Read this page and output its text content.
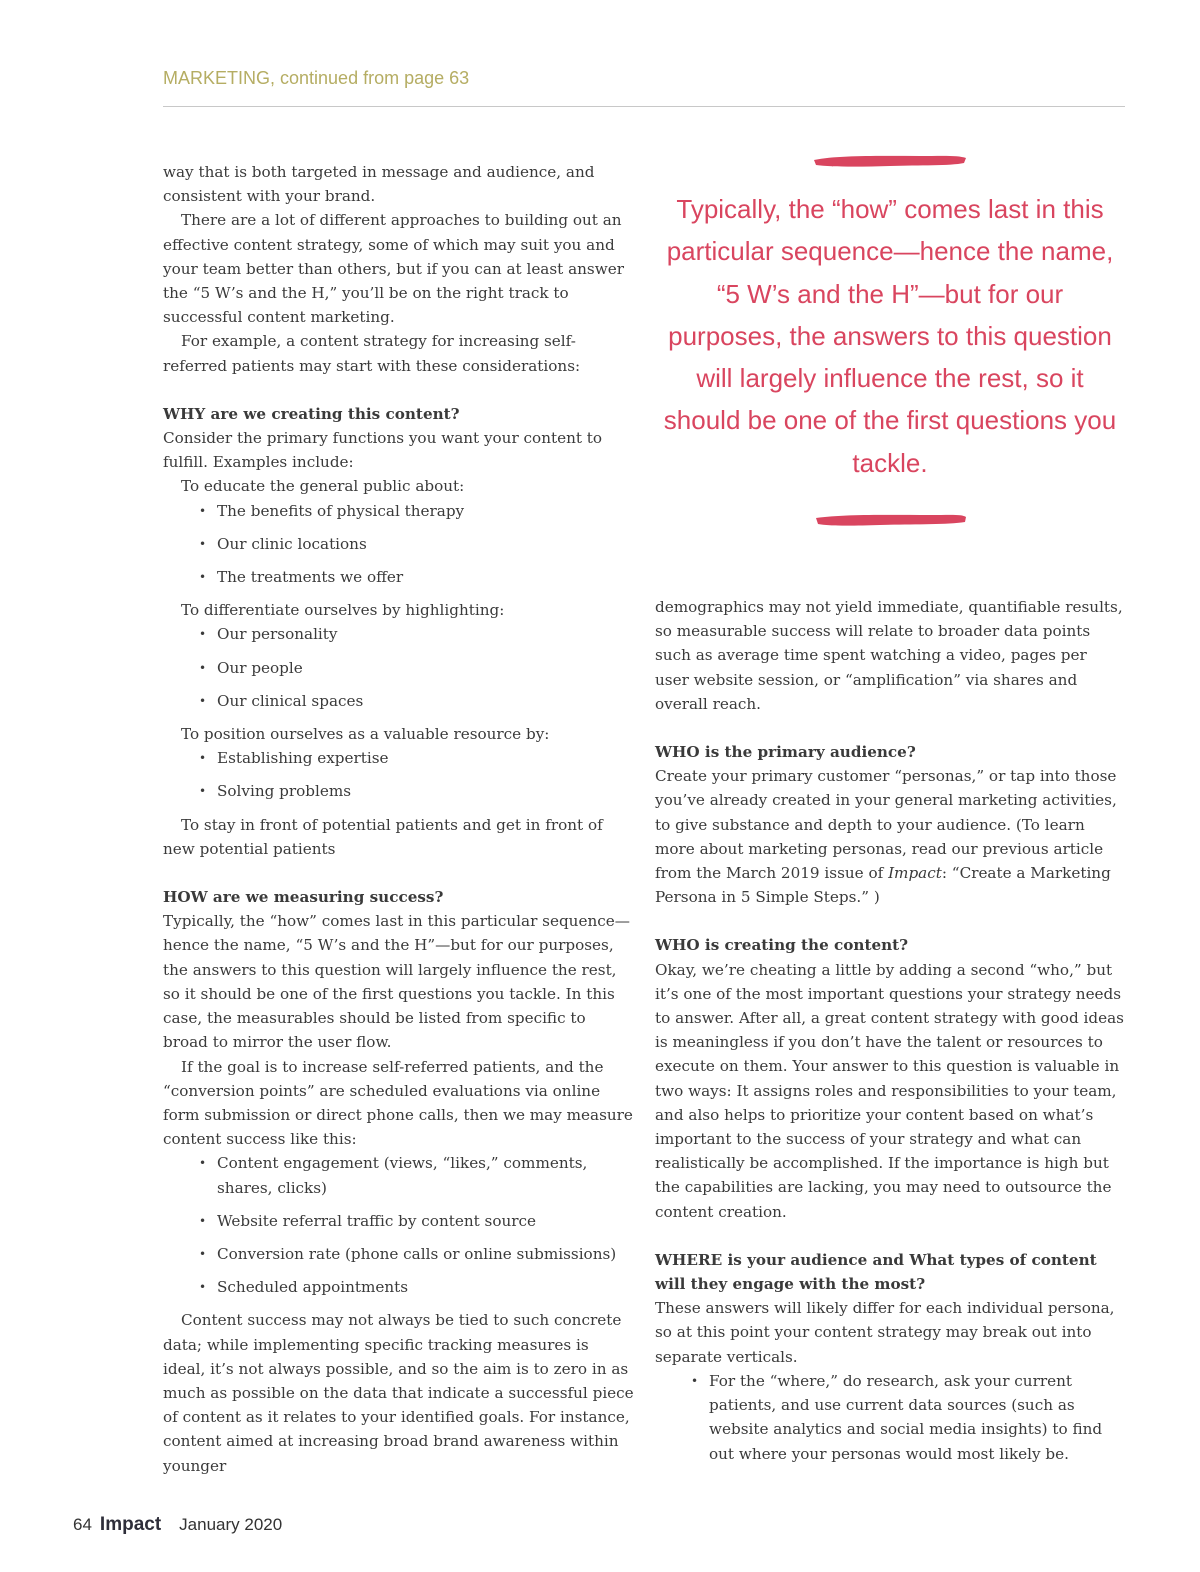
MARKETING, continued from page 63

way that is both targeted in message and audience, and consistent with your brand.

There are a lot of different approaches to building out an effective content strategy, some of which may suit you and your team better than others, but if you can at least answer the “5 W’s and the H,” you’ll be on the right track to successful content marketing.

For example, a content strategy for increasing self-referred patients may start with these considerations:

WHY are we creating this content?

Consider the primary functions you want your content to fulfill. Examples include:

To educate the general public about:

• The benefits of physical therapy
• Our clinic locations
• The treatments we offer

To differentiate ourselves by highlighting:

• Our personality
• Our people
• Our clinical spaces

To position ourselves as a valuable resource by:

• Establishing expertise
• Solving problems

To stay in front of potential patients and get in front of new potential patients

HOW are we measuring success?

Typically, the “how” comes last in this particular sequence—hence the name, “5 W’s and the H”—but for our purposes, the answers to this question will largely influence the rest, so it should be one of the first questions you tackle. In this case, the measurables should be listed from specific to broad to mirror the user flow.

If the goal is to increase self-referred patients, and the “conversion points” are scheduled evaluations via online form submission or direct phone calls, then we may measure content success like this:

• Content engagement (views, “likes,” comments, shares, clicks)
• Website referral traffic by content source
• Conversion rate (phone calls or online submissions)
• Scheduled appointments

Content success may not always be tied to such concrete data; while implementing specific tracking measures is ideal, it’s not always possible, and so the aim is to zero in as much as possible on the data that indicate a successful piece of content as it relates to your identified goals. For instance, content aimed at increasing broad brand awareness within younger

Typically, the “how” comes last in this particular sequence—hence the name, “5 W’s and the H”—but for our purposes, the answers to this question will largely influence the rest, so it should be one of the first questions you tackle.

demographics may not yield immediate, quantifiable results, so measurable success will relate to broader data points such as average time spent watching a video, pages per user website session, or “amplification” via shares and overall reach.

WHO is the primary audience?

Create your primary customer “personas,” or tap into those you’ve already created in your general marketing activities, to give substance and depth to your audience. (To learn more about marketing personas, read our previous article from the March 2019 issue of Impact: “Create a Marketing Persona in 5 Simple Steps.” )

WHO is creating the content?

Okay, we’re cheating a little by adding a second “who,” but it’s one of the most important questions your strategy needs to answer. After all, a great content strategy with good ideas is meaningless if you don’t have the talent or resources to execute on them. Your answer to this question is valuable in two ways: It assigns roles and responsibilities to your team, and also helps to prioritize your content based on what’s important to the success of your strategy and what can realistically be accomplished. If the importance is high but the capabilities are lacking, you may need to outsource the content creation.

WHERE is your audience and What types of content will they engage with the most?

These answers will likely differ for each individual persona, so at this point your content strategy may break out into separate verticals.

• For the “where,” do research, ask your current patients, and use current data sources (such as website analytics and social media insights) to find out where your personas would most likely be.
64 Impact January 2020
